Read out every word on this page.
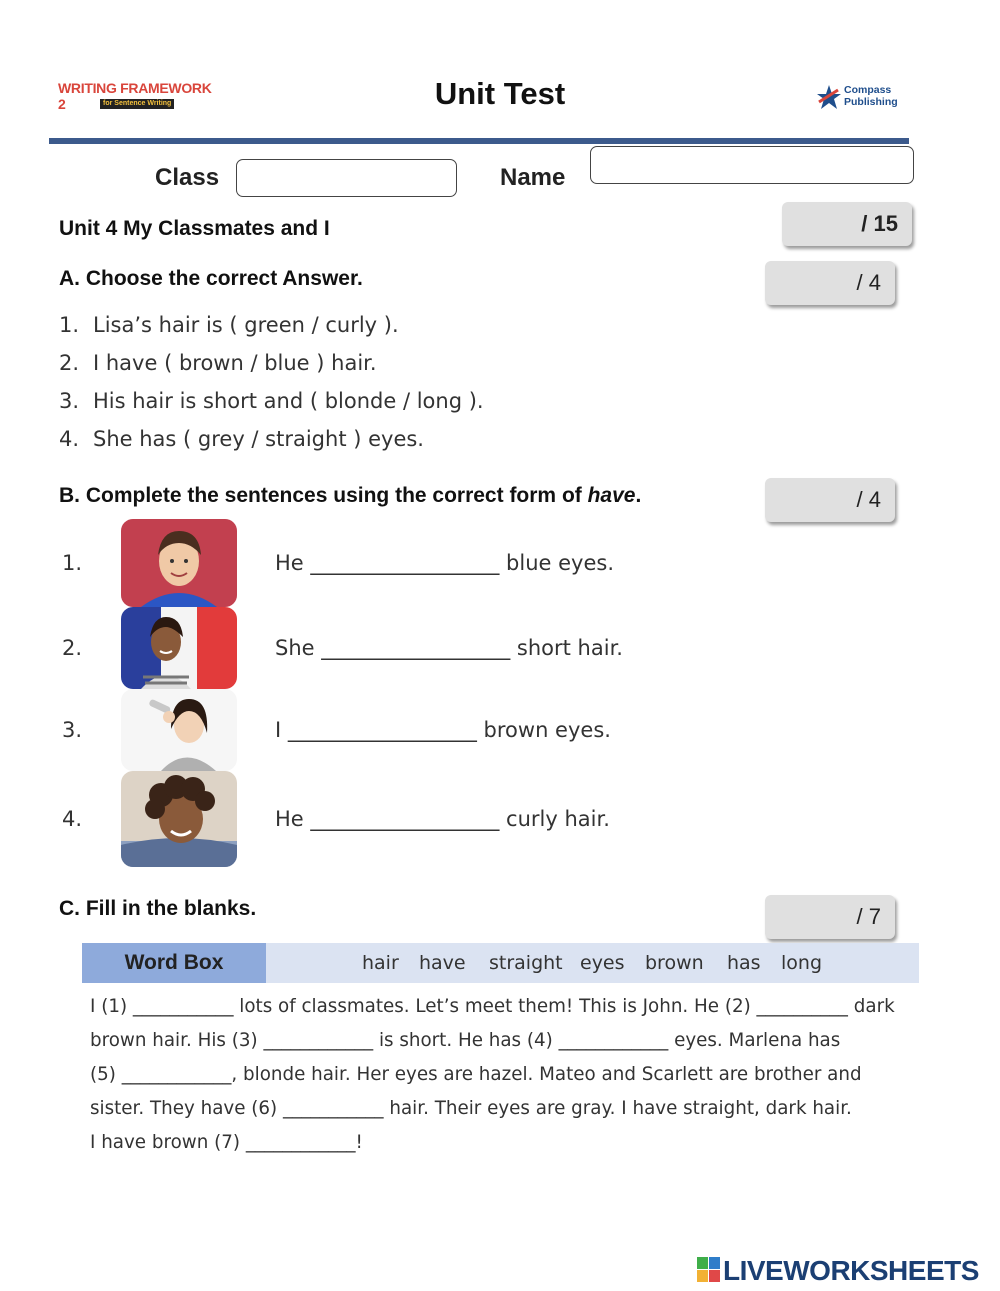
WRITING FRAMEWORK 2	for Sentence Writing	Unit Test	Compass
Publishing
Class	Name
Unit 4 My Classmates and I	/ 15
A. Choose the correct Answer.	/ 4
1. Lisa’s hair is ( green / curly ).
2. I have ( brown / blue ) hair.
3. His hair is short and ( blonde / long ).
4. She has ( grey / straight ) eyes.
B. Complete the sentences using the correct form of have.	/ 4
1.	He __________________ blue eyes.
2.	She __________________ short hair.
3.	I __________________ brown eyes.
4.	He __________________ curly hair.
C. Fill in the blanks.	/ 7
Word Box	hair have straight eyes brown has long
I (1) ___________ lots of classmates. Let’s meet them! This is John. He (2) __________ dark
brown hair. His (3) ____________ is short. He has (4) ____________ eyes. Marlena has
(5) ____________, blonde hair. Her eyes are hazel. Mateo and Scarlett are brother and
sister. They have (6) ___________ hair. Their eyes are gray. I have straight, dark hair.
I have brown (7) ____________!
LIVEWORKSHEETS
